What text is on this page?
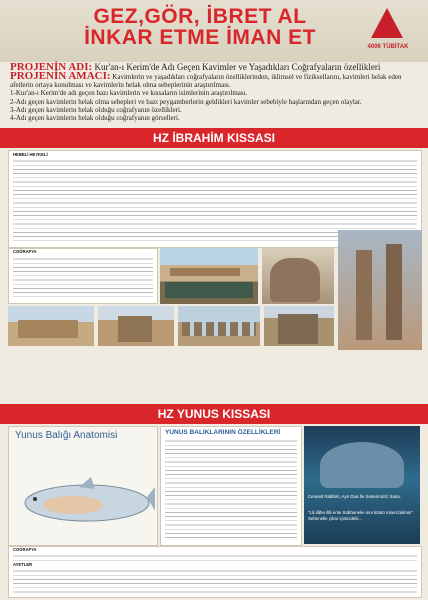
GEZ,GÖR, İBRET AL
İNKAR ETME İMAN ET	4006 TÜBİTAK
PROJENİN ADI: Kur'an-ı Kerim'de Adı Geçen Kavimler ve Yaşadıkları Coğrafyaların özellikleri
PROJENİN AMACI: Kavimlerin ve yaşadıkları coğrafyaların özelliklerinden, iklimsel ve fiziksellarını, kavimleri helak eden afetlerin ortaya konulması ve kavimlerin helak olma sebeplerinin araştırılması.
1-Kur'an-ı Kerim'de adı geçen bazı kavimlerin ve kıssaların isimlerinin araştırılması.
2-Adı geçen kavimlerin helak olma sebepleri ve bazı peygamberlerin geldikleri kavimler sebebiyle başlarından geçen olaylar.
3-Adı geçen kavimlerin helak olduğu coğrafyanın özellikleri.
4-Adı geçen kavimlerin helak olduğu coğrafyanın görselleri.
HZ İBRAHİM KISSASI
HEBELİ HEYKELİ
COĞRAFYA
HZ YUNUS KISSASI
Yunus Balığı Anatomisi	YUNUS BALIKLARININ ÖZELLİKLERİ
Cenneti Rabbim, Ayn Dua İle Sederimiziz Sana.
"Lâ ilâhe illâ ente Sübhaneke inni küntü minezzalimin" Sebenelle çıkar içimizdeki...
COĞRAFYA
AYETLER
